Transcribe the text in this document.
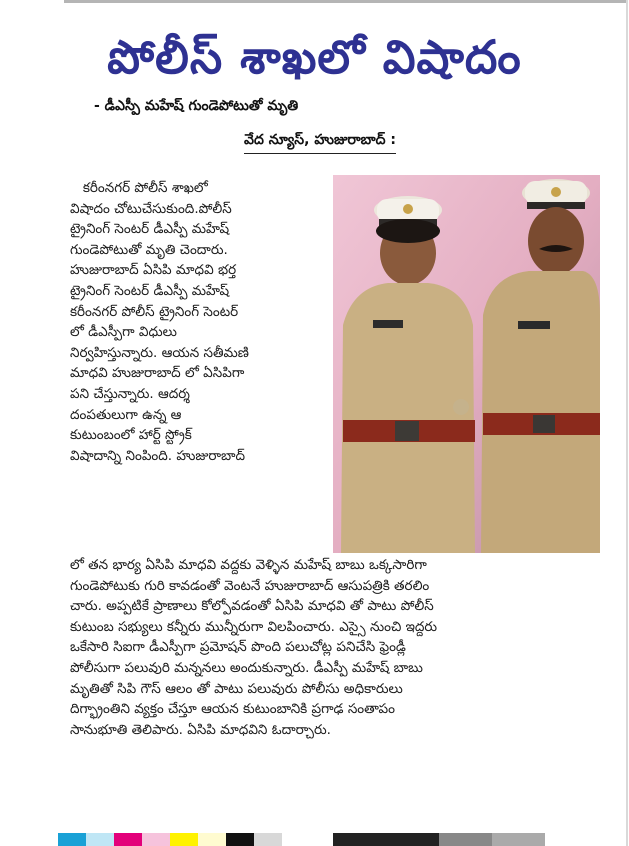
పోలీస్ శాఖలో విషాదం
- డీఎస్పీ మహేష్ గుండెపోటుతో మృతి
వేద న్యూస్, హుజురాబాద్ :
కరీంనగర్ పోలీస్ శాఖలో
విషాదం చోటుచేసుకుంది.పోలీస్
ట్రైనింగ్ సెంటర్ డీఎస్పీ మహేష్
గుండెపోటుతో మృతి చెందారు.
హుజురాబాద్ ఏసిపి మాధవి భర్త
ట్రైనింగ్ సెంటర్ డీఎస్పీ మహేష్
కరీంనగర్ పోలీస్ ట్రైనింగ్ సెంటర్
లో డీఎస్పీగా విధులు
నిర్వహిస్తున్నారు. ఆయన సతీమణి
మాధవి హుజురాబాద్ లో ఏసిపిగా
పని చేస్తున్నారు. ఆదర్శ
దంపతులుగా ఉన్న ఆ
కుటుంబంలో హార్ట్ స్ట్రోక్
విషాదాన్ని నింపింది. హుజురాబాద్
లో తన భార్య ఏసిపి మాధవి వద్దకు వెళ్ళిన మహేష్ బాబు ఒక్కసారిగా
గుండెపోటుకు గురి కావడంతో వెంటనే హుజురాబాద్ ఆసుపత్రికి తరలిం
చారు. అప్పటికే ప్రాణాలు కోల్పోవడంతో ఏసిపి మాధవి తో పాటు పోలీస్
కుటుంబ సభ్యులు కన్నీరు మున్నీరుగా విలపించారు. ఎస్సై నుంచి ఇద్దరు
ఒకేసారి సిఐగా డీఎస్పీగా ప్రమోషన్ పొంది పలుచోట్ల పనిచేసి ఫ్రెండ్లీ
పోలీసుగా పలువురి మన్ననలు అందుకున్నారు. డీఎస్పీ మహేష్ బాబు
మృతితో సిపి గౌస్ ఆలం తో పాటు పలువురు పోలీసు అధికారులు
దిగ్భ్రాంతిని వ్యక్తం చేస్తూ ఆయన కుటుంబానికి ప్రగాఢ సంతాపం
సానుభూతి తెలిపారు. ఏసిపి మాధవిని ఓదార్చారు.
